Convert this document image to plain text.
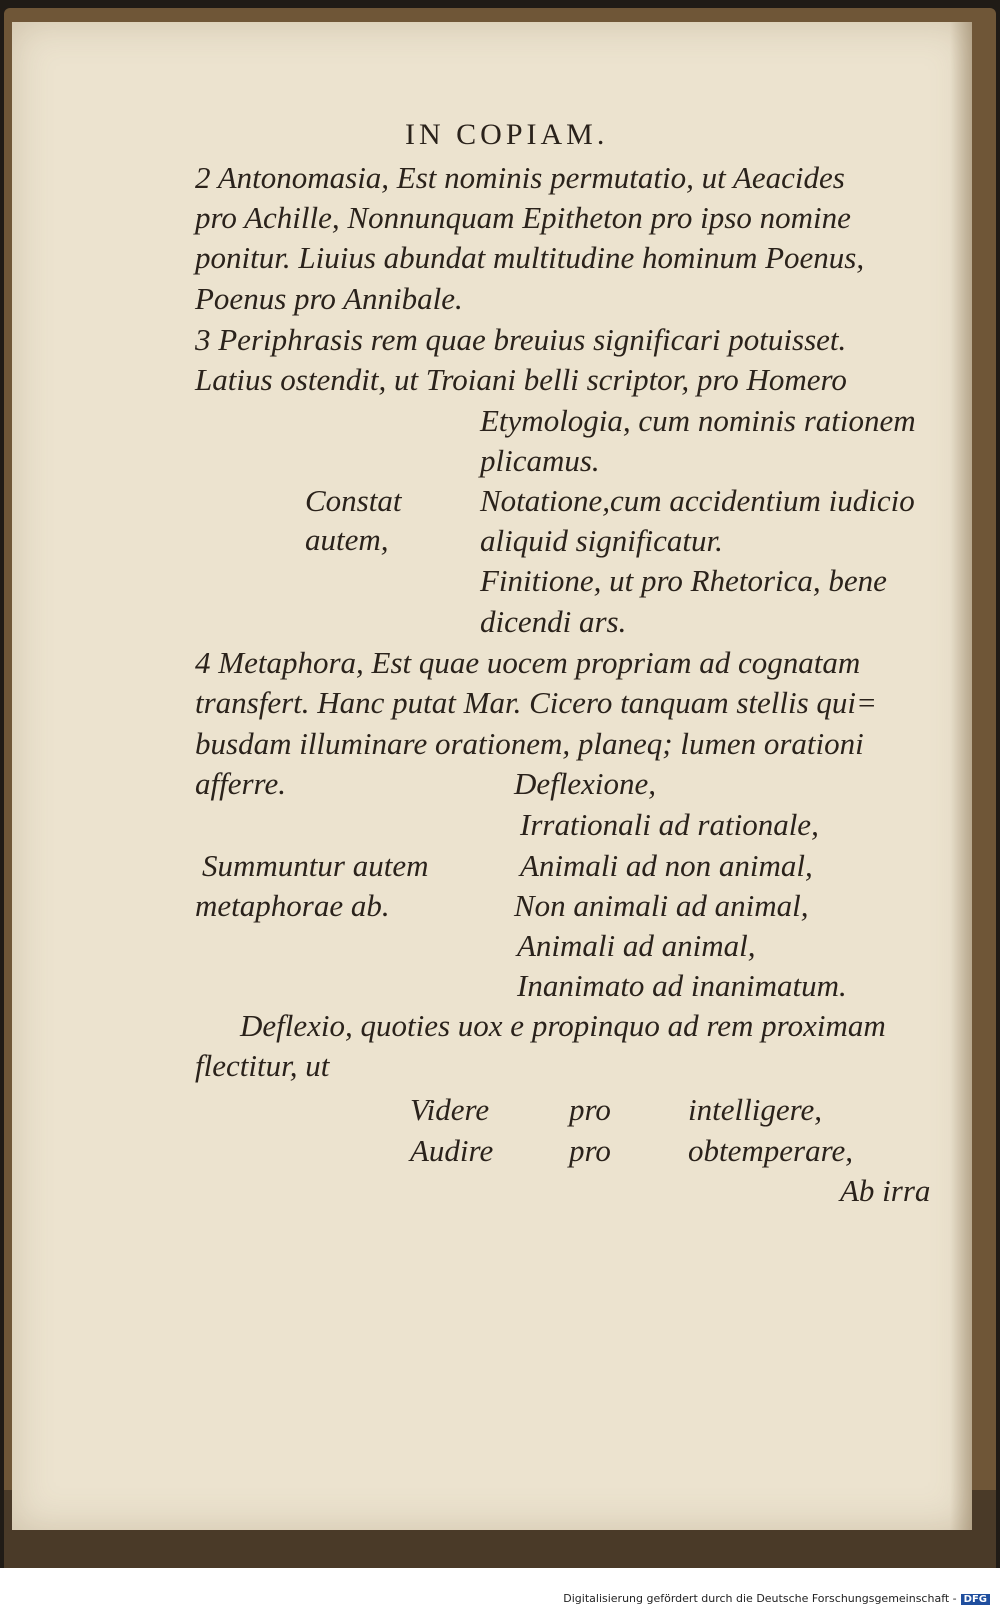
IN COPIAM.
2 Antonomasia, Est nominis permutatio, ut Aeacides
pro Achille, Nonnunquam Epitheton pro ipso nomine
ponitur. Liuius abundat multitudine hominum Poenus,
Poenus pro Annibale.
3 Periphrasis rem quae breuius significari potuisset.
Latius ostendit, ut Troiani belli scriptor, pro Homero
Constat
autem,
Etymologia, cum nominis rationem
plicamus.
Notatione,cum accidentium iudicio
aliquid significatur.
Finitione, ut pro Rhetorica, bene
dicendi ars.
4 Metaphora, Est quae uocem propriam ad cognatam
transfert. Hanc putat Mar. Cicero tanquam stellis qui=
busdam illuminare orationem, planeq; lumen orationi
afferre.
Summuntur autem
metaphorae ab.
Deflexione,
Irrationali ad rationale,
Animali ad non animal,
Non animali ad animal,
Animali ad animal,
Inanimato ad inanimatum.
Deflexio, quoties uox e propinquo ad rem proximam
flectitur, ut
Videre	pro intelligere,
Audire pro obtemperare,
Ab irra
Digitalisierung gefördert durch die Deutsche Forschungsgemeinschaft - DFG
